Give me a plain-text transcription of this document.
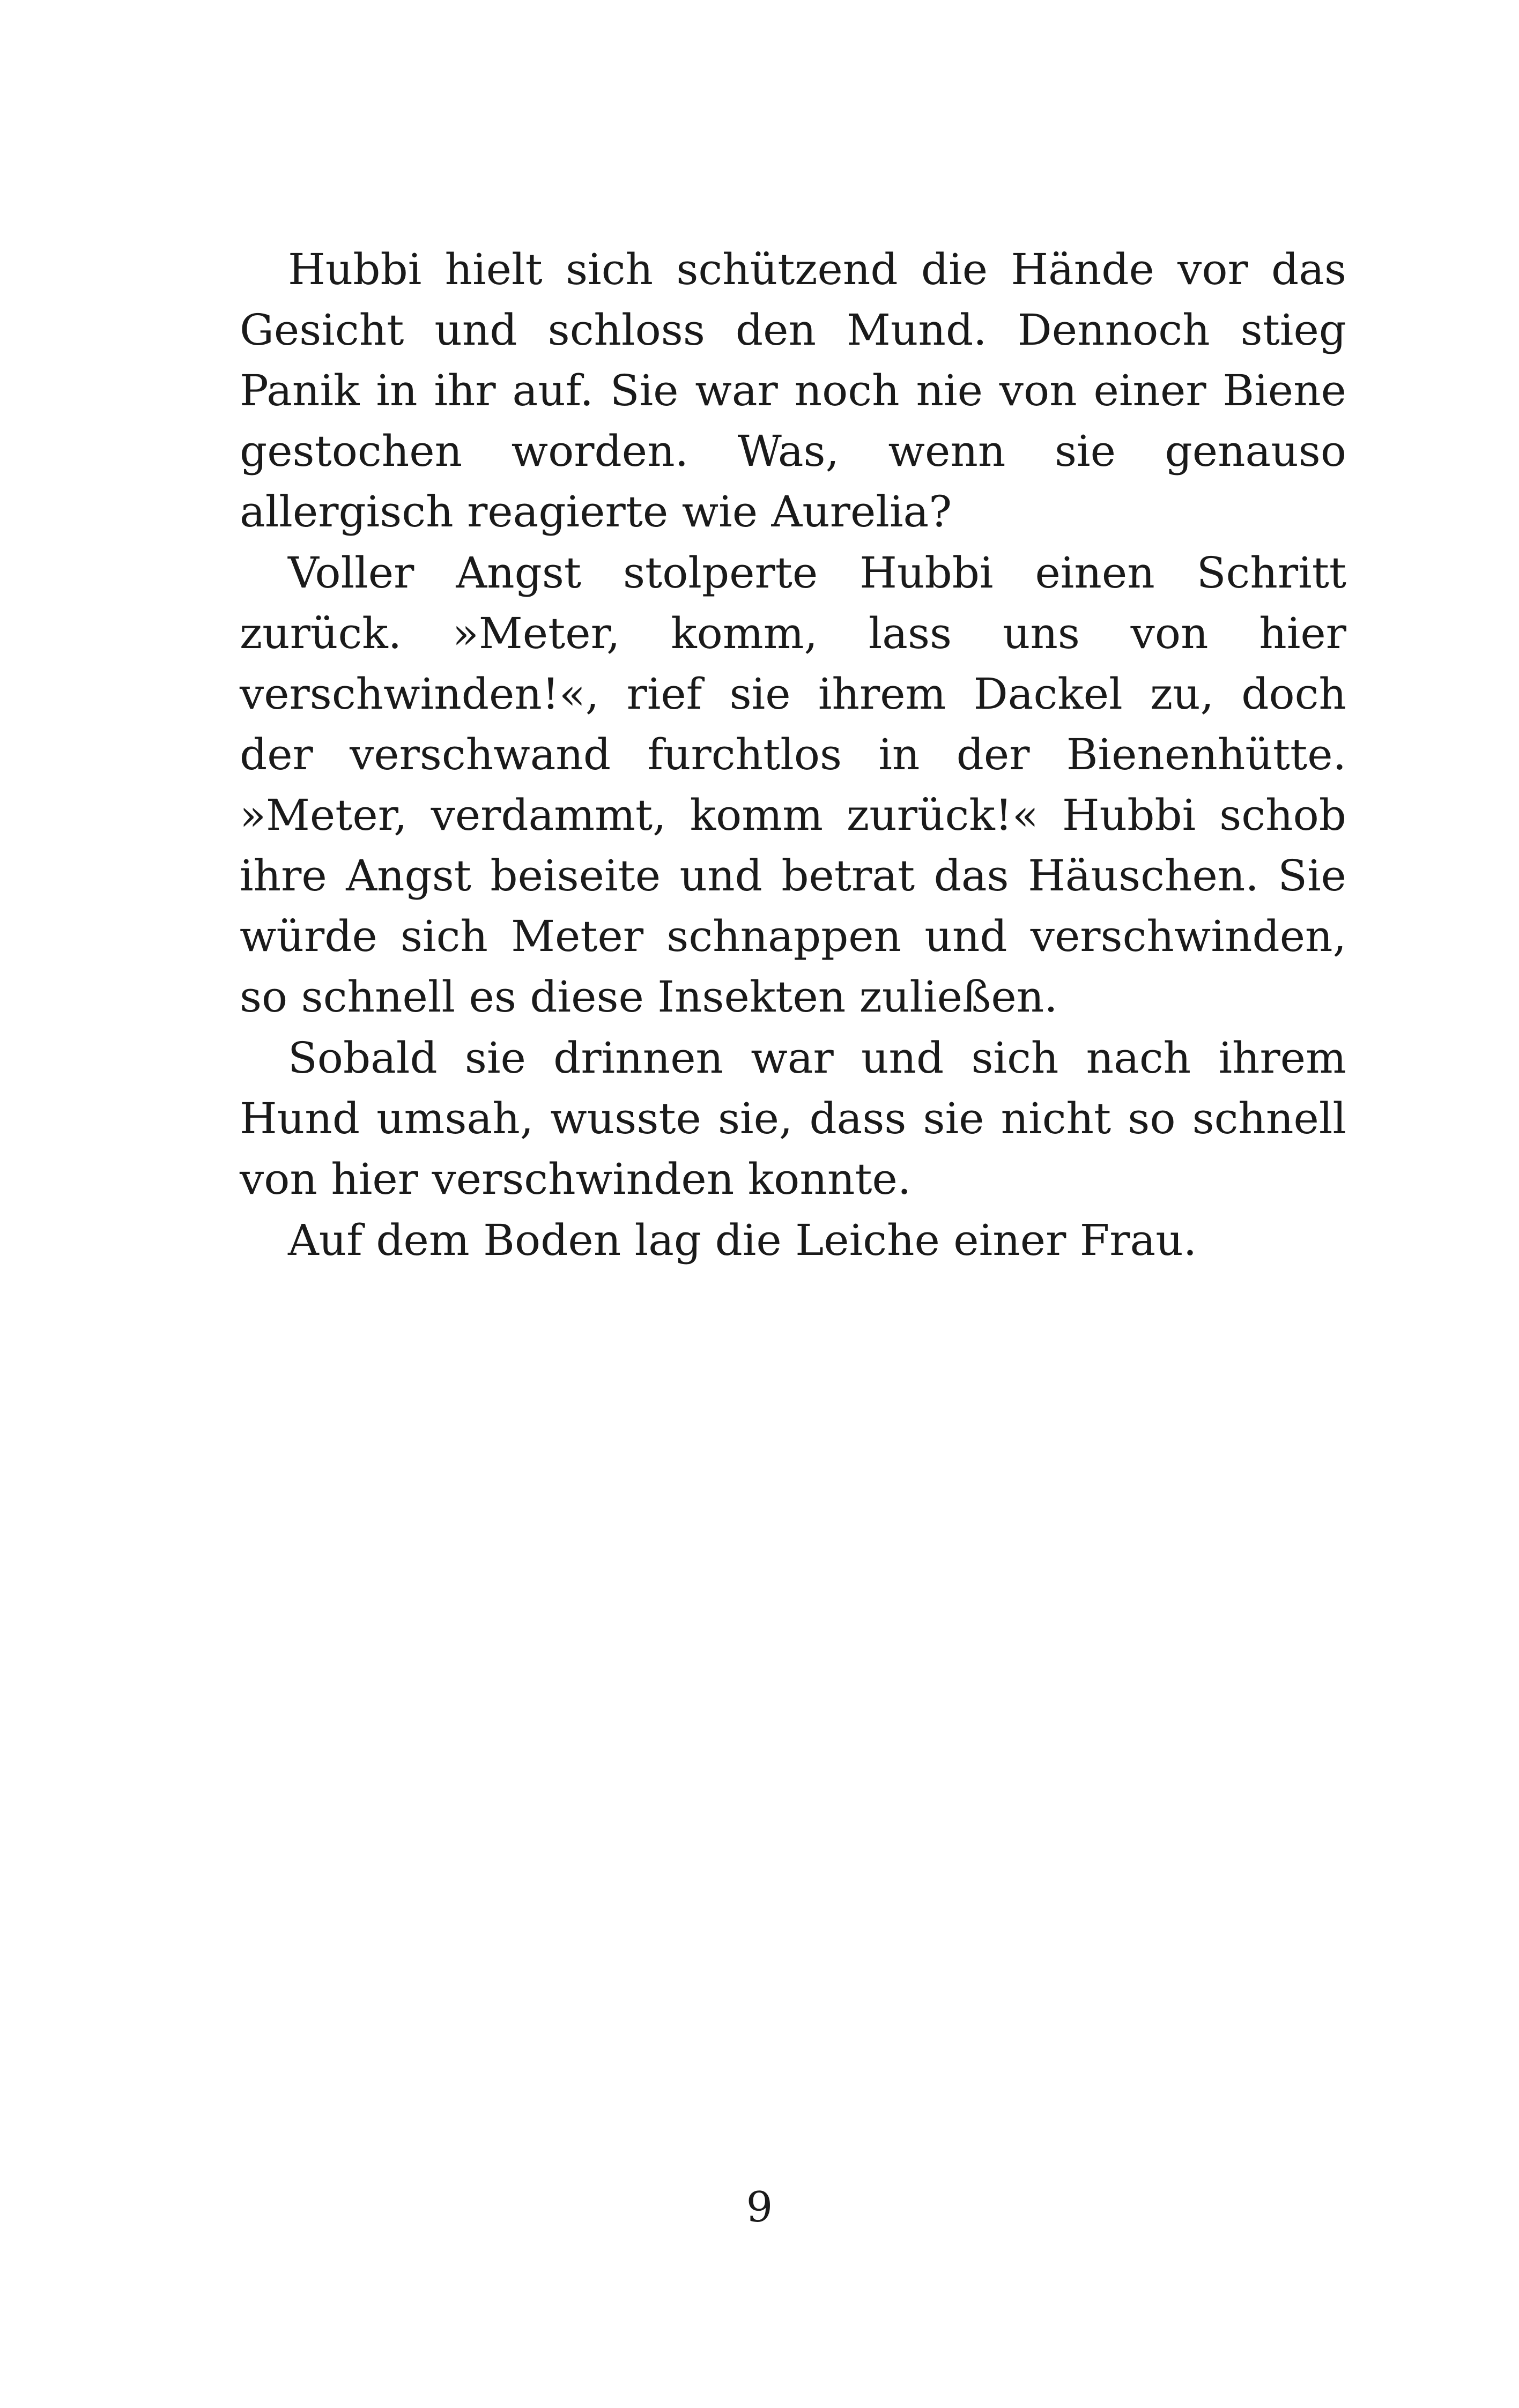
Hubbi hielt sich schützend die Hände vor das Gesicht und schloss den Mund. Dennoch stieg Panik in ihr auf. Sie war noch nie von einer Biene gestochen worden. Was, wenn sie genauso allergisch reagierte wie Aurelia?

Voller Angst stolperte Hubbi einen Schritt zurück. »Meter, komm, lass uns von hier verschwinden!«, rief sie ihrem Dackel zu, doch der verschwand furchtlos in der Bienenhütte. »Meter, verdammt, komm zurück!« Hubbi schob ihre Angst beiseite und betrat das Häuschen. Sie würde sich Meter schnappen und verschwinden, so schnell es diese Insekten zuließen.

Sobald sie drinnen war und sich nach ihrem Hund umsah, wusste sie, dass sie nicht so schnell von hier verschwinden konnte.

Auf dem Boden lag die Leiche einer Frau.

9
